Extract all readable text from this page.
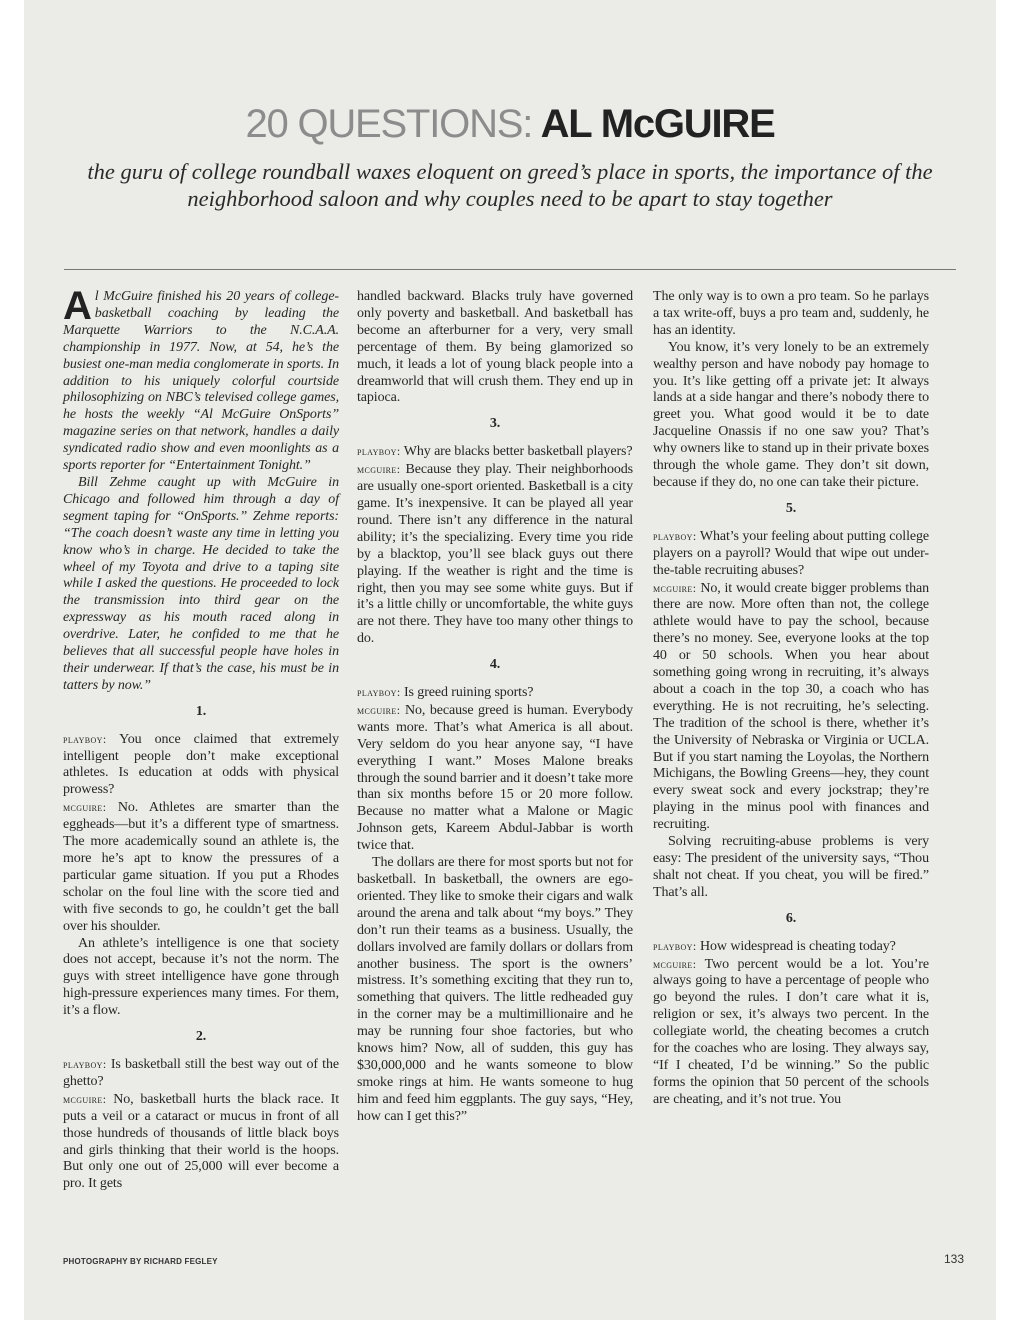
20 QUESTIONS: AL McGUIRE
the guru of college roundball waxes eloquent on greed’s place in sports, the importance of the neighborhood saloon and why couples need to be apart to stay together

Al McGuire finished his 20 years of college-basketball coaching by leading the Marquette Warriors to the N.C.A.A. championship in 1977. Now, at 54, he’s the busiest one-man media conglomerate in sports. In addition to his uniquely colorful courtside philosophizing on NBC’s televised college games, he hosts the weekly “Al McGuire OnSports” magazine series on that network, handles a daily syndicated radio show and even moonlights as a sports reporter for “Entertainment Tonight.”

Bill Zehme caught up with McGuire in Chicago and followed him through a day of segment taping for “OnSports.” Zehme reports: “The coach doesn’t waste any time in letting you know who’s in charge. He decided to take the wheel of my Toyota and drive to a taping site while I asked the questions. He proceeded to lock the transmission into third gear on the expressway as his mouth raced along in overdrive. Later, he confided to me that he believes that all successful people have holes in their underwear. If that’s the case, his must be in tatters by now.”

1.

playboy: You once claimed that extremely intelligent people don’t make exceptional athletes. Is education at odds with physical prowess?

mcguire: No. Athletes are smarter than the eggheads—but it’s a different type of smartness. The more academically sound an athlete is, the more he’s apt to know the pressures of a particular game situation. If you put a Rhodes scholar on the foul line with the score tied and with five seconds to go, he couldn’t get the ball over his shoulder.

An athlete’s intelligence is one that society does not accept, because it’s not the norm. The guys with street intelligence have gone through high-pressure experiences many times. For them, it’s a flow.

2.

playboy: Is basketball still the best way out of the ghetto?

mcguire: No, basketball hurts the black race. It puts a veil or a cataract or mucus in front of all those hundreds of thousands of little black boys and girls thinking that their world is the hoops. But only one out of 25,000 will ever become a pro. It gets

handled backward. Blacks truly have governed only poverty and basketball. And basketball has become an afterburner for a very, very small percentage of them. By being glamorized so much, it leads a lot of young black people into a dreamworld that will crush them. They end up in tapioca.

3.

playboy: Why are blacks better basketball players?

mcguire: Because they play. Their neighborhoods are usually one-sport oriented. Basketball is a city game. It’s inexpensive. It can be played all year round. There isn’t any difference in the natural ability; it’s the specializing. Every time you ride by a blacktop, you’ll see black guys out there playing. If the weather is right and the time is right, then you may see some white guys. But if it’s a little chilly or uncomfortable, the white guys are not there. They have too many other things to do.

4.

playboy: Is greed ruining sports?

mcguire: No, because greed is human. Everybody wants more. That’s what America is all about. Very seldom do you hear anyone say, “I have everything I want.” Moses Malone breaks through the sound barrier and it doesn’t take more than six months before 15 or 20 more follow. Because no matter what a Malone or Magic Johnson gets, Kareem Abdul-Jabbar is worth twice that.

The dollars are there for most sports but not for basketball. In basketball, the owners are ego-oriented. They like to smoke their cigars and walk around the arena and talk about “my boys.” They don’t run their teams as a business. Usually, the dollars involved are family dollars or dollars from another business. The sport is the owners’ mistress. It’s something exciting that they run to, something that quivers. The little redheaded guy in the corner may be a multimillionaire and he may be running four shoe factories, but who knows him? Now, all of sudden, this guy has $30,000,000 and he wants someone to blow smoke rings at him. He wants someone to hug him and feed him eggplants. The guy says, “Hey, how can I get this?”

The only way is to own a pro team. So he parlays a tax write-off, buys a pro team and, suddenly, he has an identity.

You know, it’s very lonely to be an extremely wealthy person and have nobody pay homage to you. It’s like getting off a private jet: It always lands at a side hangar and there’s nobody there to greet you. What good would it be to date Jacqueline Onassis if no one saw you? That’s why owners like to stand up in their private boxes through the whole game. They don’t sit down, because if they do, no one can take their picture.

5.

playboy: What’s your feeling about putting college players on a payroll? Would that wipe out under-the-table recruiting abuses?

mcguire: No, it would create bigger problems than there are now. More often than not, the college athlete would have to pay the school, because there’s no money. See, everyone looks at the top 40 or 50 schools. When you hear about something going wrong in recruiting, it’s always about a coach in the top 30, a coach who has everything. He is not recruiting, he’s selecting. The tradition of the school is there, whether it’s the University of Nebraska or Virginia or UCLA. But if you start naming the Loyolas, the Northern Michigans, the Bowling Greens—hey, they count every sweat sock and every jockstrap; they’re playing in the minus pool with finances and recruiting.

Solving recruiting-abuse problems is very easy: The president of the university says, “Thou shalt not cheat. If you cheat, you will be fired.” That’s all.

6.

playboy: How widespread is cheating today?

mcguire: Two percent would be a lot. You’re always going to have a percentage of people who go beyond the rules. I don’t care what it is, religion or sex, it’s always two percent. In the collegiate world, the cheating becomes a crutch for the coaches who are losing. They always say, “If I cheated, I’d be winning.” So the public forms the opinion that 50 percent of the schools are cheating, and it’s not true. You

PHOTOGRAPHY BY RICHARD FEGLEY	133
